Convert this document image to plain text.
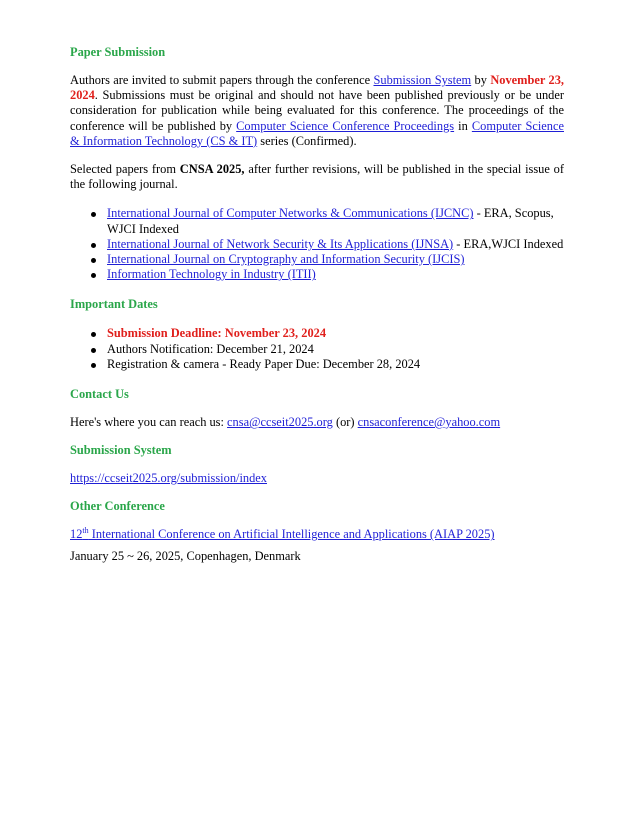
Paper Submission

Authors are invited to submit papers through the conference Submission System by November 23, 2024. Submissions must be original and should not have been published previously or be under consideration for publication while being evaluated for this conference. The proceedings of the conference will be published by Computer Science Conference Proceedings in Computer Science & Information Technology (CS & IT) series (Confirmed).

Selected papers from CNSA 2025, after further revisions, will be published in the special issue of the following journal.

International Journal of Computer Networks & Communications (IJCNC) - ERA, Scopus, WJCI Indexed
International Journal of Network Security & Its Applications (IJNSA) - ERA,WJCI Indexed
International Journal on Cryptography and Information Security (IJCIS)
Information Technology in Industry (ITII)

Important Dates

Submission Deadline: November 23, 2024
Authors Notification: December 21, 2024
Registration & camera - Ready Paper Due: December 28, 2024

Contact Us

Here's where you can reach us: cnsa@ccseit2025.org (or) cnsaconference@yahoo.com

Submission System

https://ccseit2025.org/submission/index

Other Conference

12th International Conference on Artificial Intelligence and Applications (AIAP 2025)

January 25 ~ 26, 2025, Copenhagen, Denmark
